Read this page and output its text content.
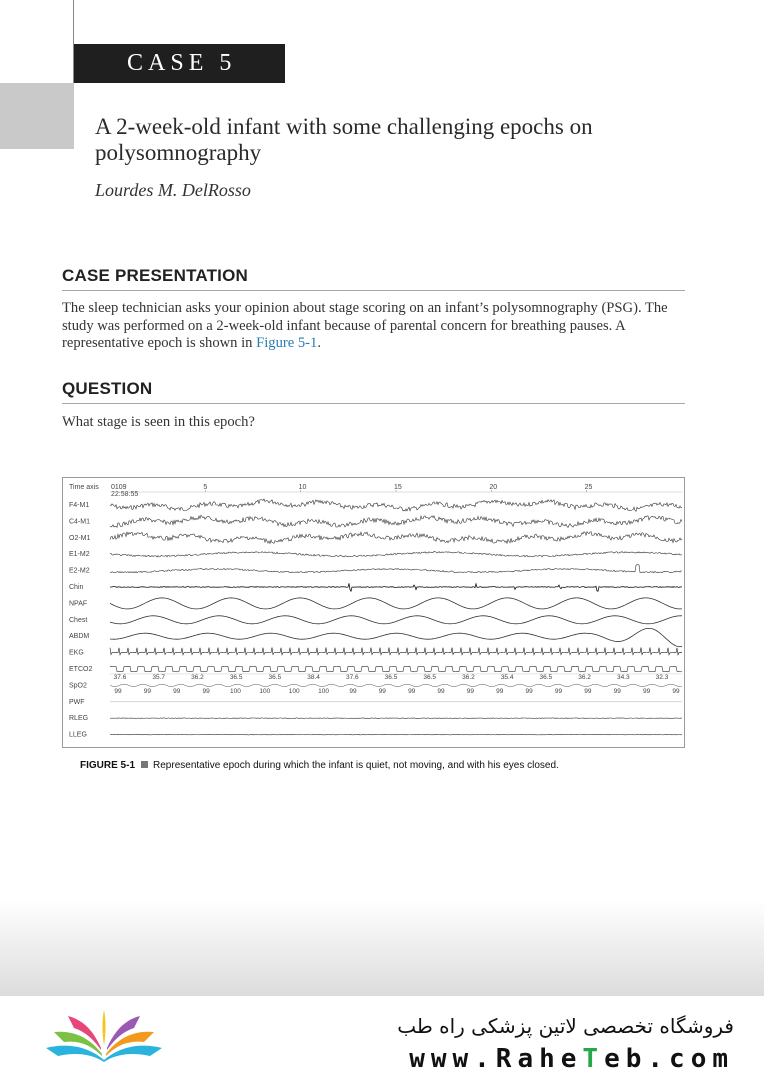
CASE 5
A 2-week-old infant with some challenging epochs on polysomnography
Lourdes M. DelRosso
CASE PRESENTATION
The sleep technician asks your opinion about stage scoring on an infant’s polysomnography (PSG). The study was performed on a 2-week-old infant because of parental concern for breathing pauses. A representative epoch is shown in Figure 5-1.
QUESTION
What stage is seen in this epoch?
Time axis 0109
22:58:55
5	10	15	20	25
F4-M1
C4-M1
O2-M1
E1-M2
E2-M2
Chin
NPAF
Chest
ABDM
EKG
ETCO2
SpO2
PWF
RLEG
LLEG
37.6	35.7	36.2	36.5	36.5	38.4	37.6	36.5	36.5	36.2	35.4	36.5	36.2	34.3	32.3
99	99	99	99	100	100	100	100	99	99	99	99	99	99	99	99	99	99	99	99
FIGURE 5-1 Representative epoch during which the infant is quiet, not moving, and with his eyes closed.
فروشگاه تخصصی لاتین پزشکی راه طب
www.RaheTeb.com
